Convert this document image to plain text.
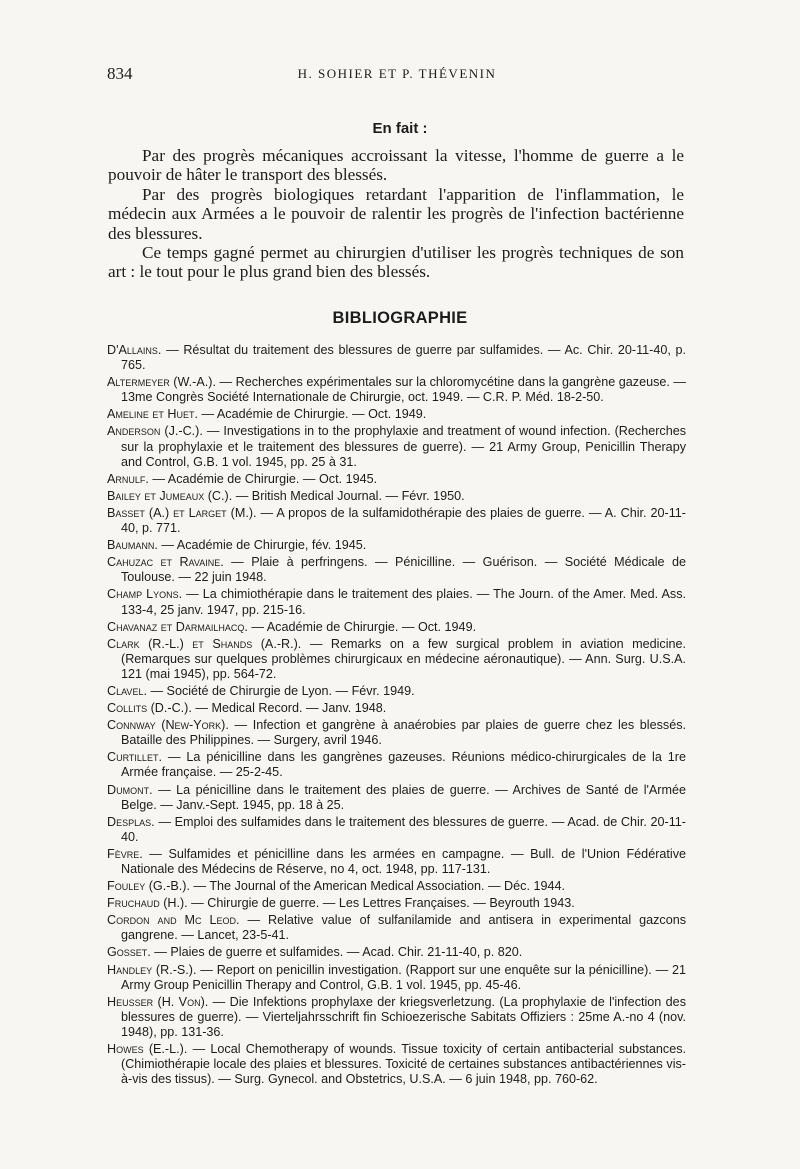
834	H. SOHIER ET P. THÉVENIN
En fait :

Par des progrès mécaniques accroissant la vitesse, l'homme de guerre a le pouvoir de hâter le transport des blessés.

Par des progrès biologiques retardant l'apparition de l'inflammation, le médecin aux Armées a le pouvoir de ralentir les progrès de l'infection bactérienne des blessures.

Ce temps gagné permet au chirurgien d'utiliser les progrès techniques de son art : le tout pour le plus grand bien des blessés.

BIBLIOGRAPHIE

D'Allains. — Résultat du traitement des blessures de guerre par sulfamides. — Ac. Chir. 20-11-40, p. 765.

Altermeyer (W.-A.). — Recherches expérimentales sur la chloromycétine dans la gangrène gazeuse. — 13me Congrès Société Internationale de Chirurgie, oct. 1949. — C.R. P. Méd. 18-2-50.

Ameline et Huet. — Académie de Chirurgie. — Oct. 1949.

Anderson (J.-C.). — Investigations in to the prophylaxie and treatment of wound infection. (Recherches sur la prophylaxie et le traitement des blessures de guerre). — 21 Army Group, Penicillin Therapy and Control, G.B. 1 vol. 1945, pp. 25 à 31.

Arnulf. — Académie de Chirurgie. — Oct. 1945.

Bailey et Jumeaux (C.). — British Medical Journal. — Févr. 1950.

Basset (A.) et Larget (M.). — A propos de la sulfamidothérapie des plaies de guerre. — A. Chir. 20-11-40, p. 771.

Baumann. — Académie de Chirurgie, fév. 1945.

Cahuzac et Ravaine. — Plaie à perfringens. — Pénicilline. — Guérison. — Société Médicale de Toulouse. — 22 juin 1948.

Champ Lyons. — La chimiothérapie dans le traitement des plaies. — The Journ. of the Amer. Med. Ass. 133-4, 25 janv. 1947, pp. 215-16.

Chavanaz et Darmailhacq. — Académie de Chirurgie. — Oct. 1949.

Clark (R.-L.) et Shands (A.-R.). — Remarks on a few surgical problem in aviation medicine. (Remarques sur quelques problèmes chirurgicaux en médecine aéronautique). — Ann. Surg. U.S.A. 121 (mai 1945), pp. 564-72.

Clavel. — Société de Chirurgie de Lyon. — Févr. 1949.

Collits (D.-C.). — Medical Record. — Janv. 1948.

Connway (New-York). — Infection et gangrène à anaérobies par plaies de guerre chez les blessés. Bataille des Philippines. — Surgery, avril 1946.

Curtillet. — La pénicilline dans les gangrènes gazeuses. Réunions médico-chirurgicales de la 1re Armée française. — 25-2-45.

Dumont. — La pénicilline dans le traitement des plaies de guerre. — Archives de Santé de l'Armée Belge. — Janv.-Sept. 1945, pp. 18 à 25.

Desplas. — Emploi des sulfamides dans le traitement des blessures de guerre. — Acad. de Chir. 20-11-40.

Fèvre. — Sulfamides et pénicilline dans les armées en campagne. — Bull. de l'Union Fédérative Nationale des Médecins de Réserve, no 4, oct. 1948, pp. 117-131.

Fouley (G.-B.). — The Journal of the American Medical Association. — Déc. 1944.

Fruchaud (H.). — Chirurgie de guerre. — Les Lettres Françaises. — Beyrouth 1943.

Cordon and Mc Leod. — Relative value of sulfanilamide and antisera in experimental gazcons gangrene. — Lancet, 23-5-41.

Gosset. — Plaies de guerre et sulfamides. — Acad. Chir. 21-11-40, p. 820.

Handley (R.-S.). — Report on penicillin investigation. (Rapport sur une enquête sur la pénicilline). — 21 Army Group Penicillin Therapy and Control, G.B. 1 vol. 1945, pp. 45-46.

Heusser (H. Von). — Die Infektions prophylaxe der kriegsverletzung. (La prophylaxie de l'infection des blessures de guerre). — Vierteljahrsschrift fin Schioezerische Sabitats Offiziers : 25me A.-no 4 (nov. 1948), pp. 131-36.

Howes (E.-L.). — Local Chemotherapy of wounds. Tissue toxicity of certain antibacterial substances. (Chimiothérapie locale des plaies et blessures. Toxicité de certaines substances antibactériennes vis-à-vis des tissus). — Surg. Gynecol. and Obstetrics, U.S.A. — 6 juin 1948, pp. 760-62.
